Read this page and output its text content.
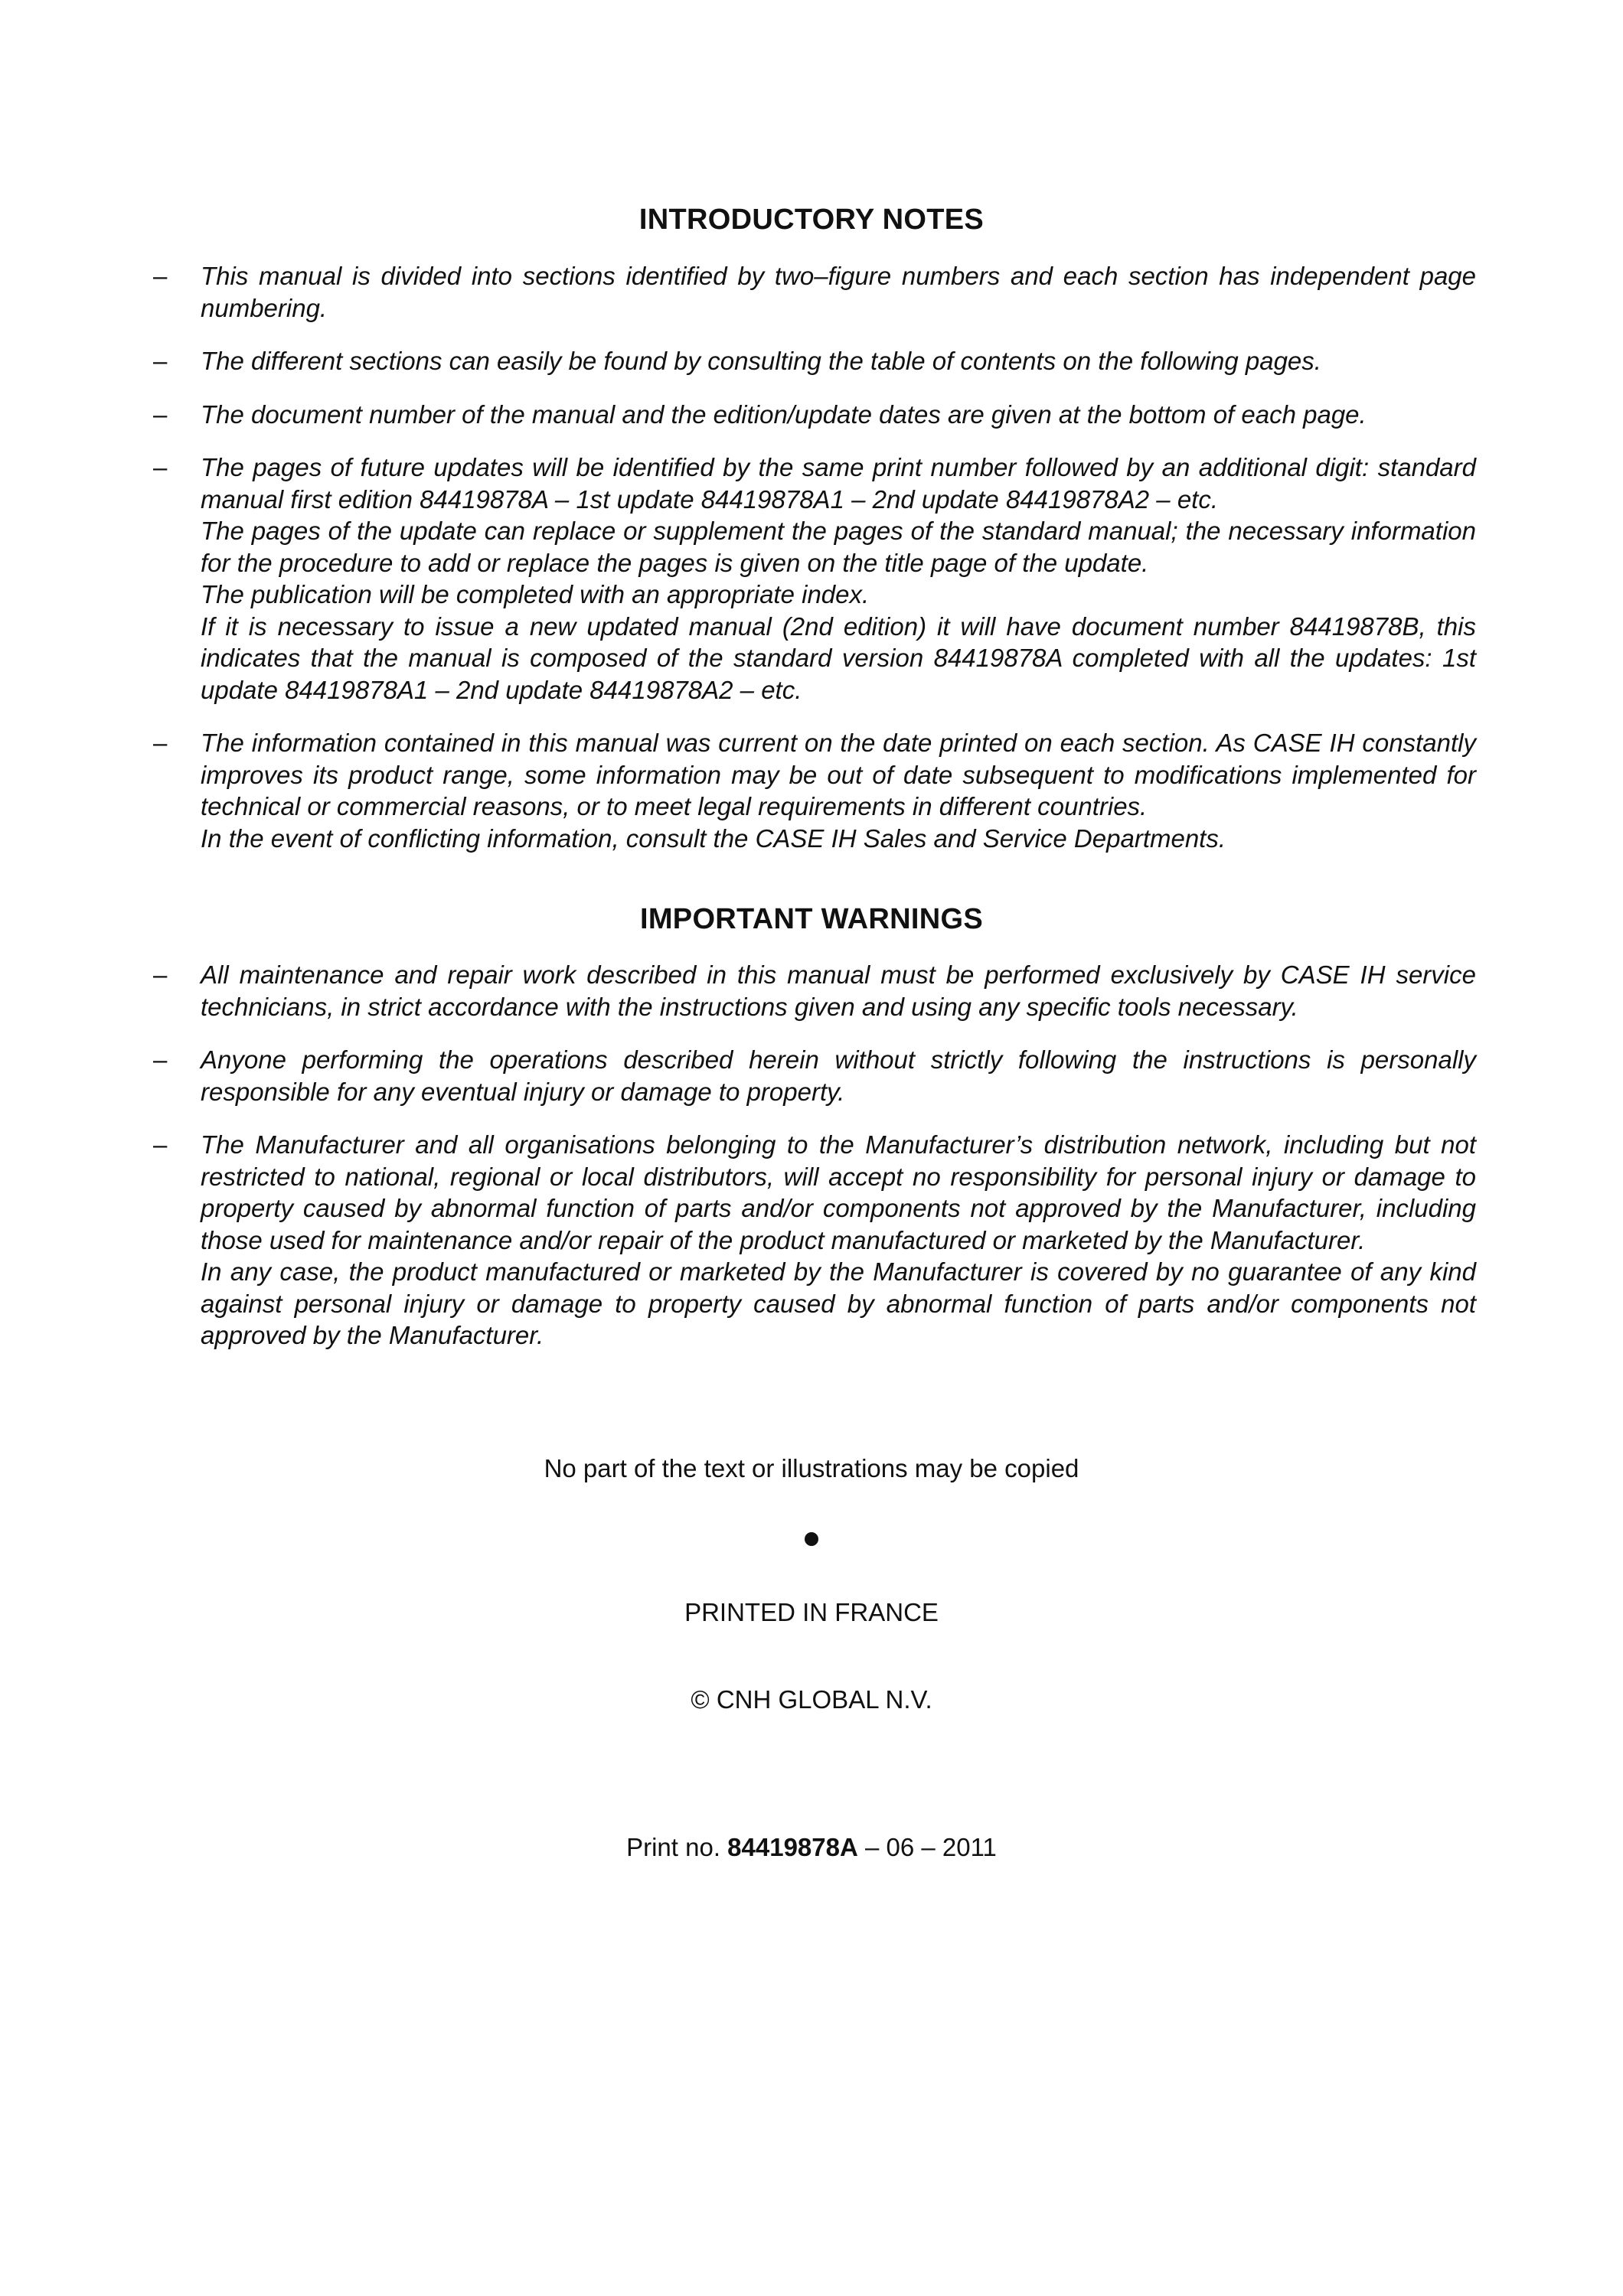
INTRODUCTORY NOTES
– This manual is divided into sections identified by two–figure numbers and each section has independent page numbering.
– The different sections can easily be found by consulting the table of contents on the following pages.
– The document number of the manual and the edition/update dates are given at the bottom of each page.
– The pages of future updates will be identified by the same print number followed by an additional digit: standard manual first edition 84419878A – 1st update 84419878A1 – 2nd update 84419878A2 – etc.
The pages of the update can replace or supplement the pages of the standard manual; the necessary information for the procedure to add or replace the pages is given on the title page of the update.
The publication will be completed with an appropriate index.
If it is necessary to issue a new updated manual (2nd edition) it will have document number 84419878B, this indicates that the manual is composed of the standard version 84419878A completed with all the updates: 1st update 84419878A1 – 2nd update 84419878A2 – etc.
– The information contained in this manual was current on the date printed on each section. As CASE IH constantly improves its product range, some information may be out of date subsequent to modifications implemented for technical or commercial reasons, or to meet legal requirements in different countries.
In the event of conflicting information, consult the CASE IH Sales and Service Departments.
IMPORTANT WARNINGS
– All maintenance and repair work described in this manual must be performed exclusively by CASE IH service technicians, in strict accordance with the instructions given and using any specific tools necessary.
– Anyone performing the operations described herein without strictly following the instructions is personally responsible for any eventual injury or damage to property.
– The Manufacturer and all organisations belonging to the Manufacturer’s distribution network, including but not restricted to national, regional or local distributors, will accept no responsibility for personal injury or damage to property caused by abnormal function of parts and/or components not approved by the Manufacturer, including those used for maintenance and/or repair of the product manufactured or marketed by the Manufacturer.
In any case, the product manufactured or marketed by the Manufacturer is covered by no guarantee of any kind against personal injury or damage to property caused by abnormal function of parts and/or components not approved by the Manufacturer.

No part of the text or illustrations may be copied

PRINTED IN FRANCE

© CNH GLOBAL N.V.

Print no. 84419878A – 06 – 2011
